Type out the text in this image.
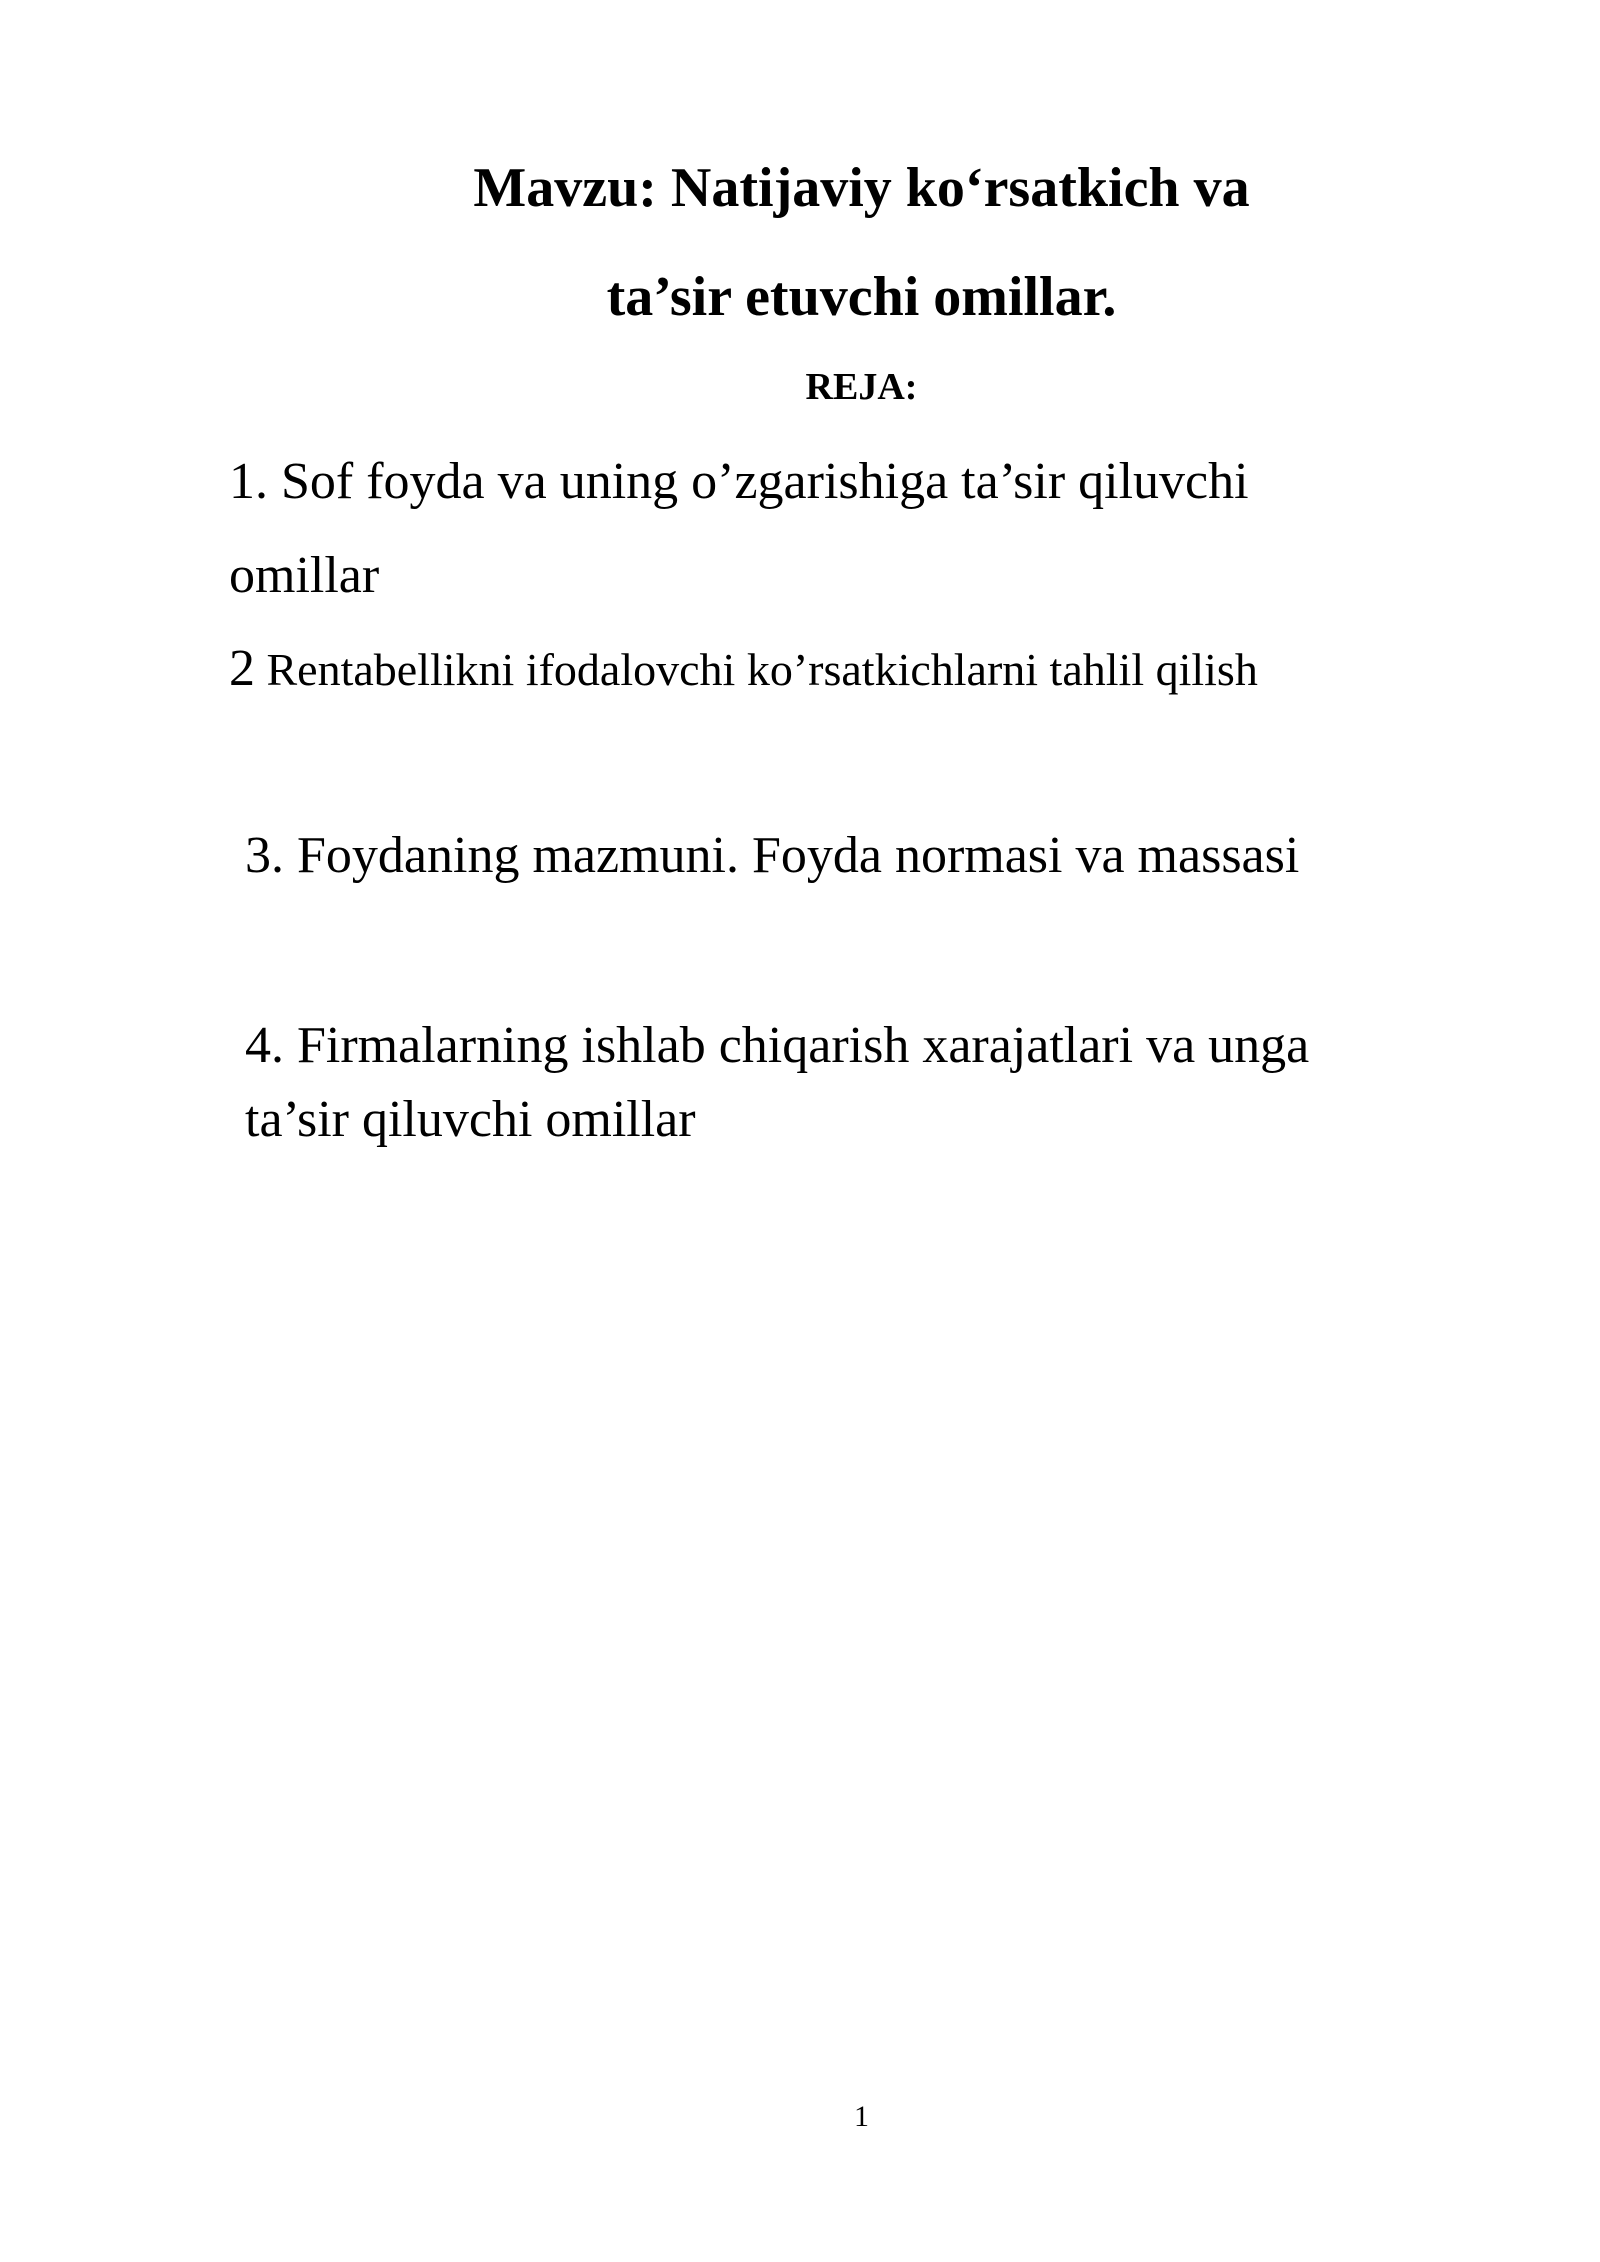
Mavzu: Natijaviy ko‘rsatkich va
ta’sir etuvchi omillar.
REJA:
1. Sof foyda va uning o’zgarishiga ta’sir qiluvchi
omillar
2 Rentabellikni ifodalovchi ko’rsatkichlarni tahlil qilish
3. Foydaning mazmuni. Foyda normasi va massasi
4. Firmalarning ishlab chiqarish xarajatlari va unga
ta’sir qiluvchi omillar
1
